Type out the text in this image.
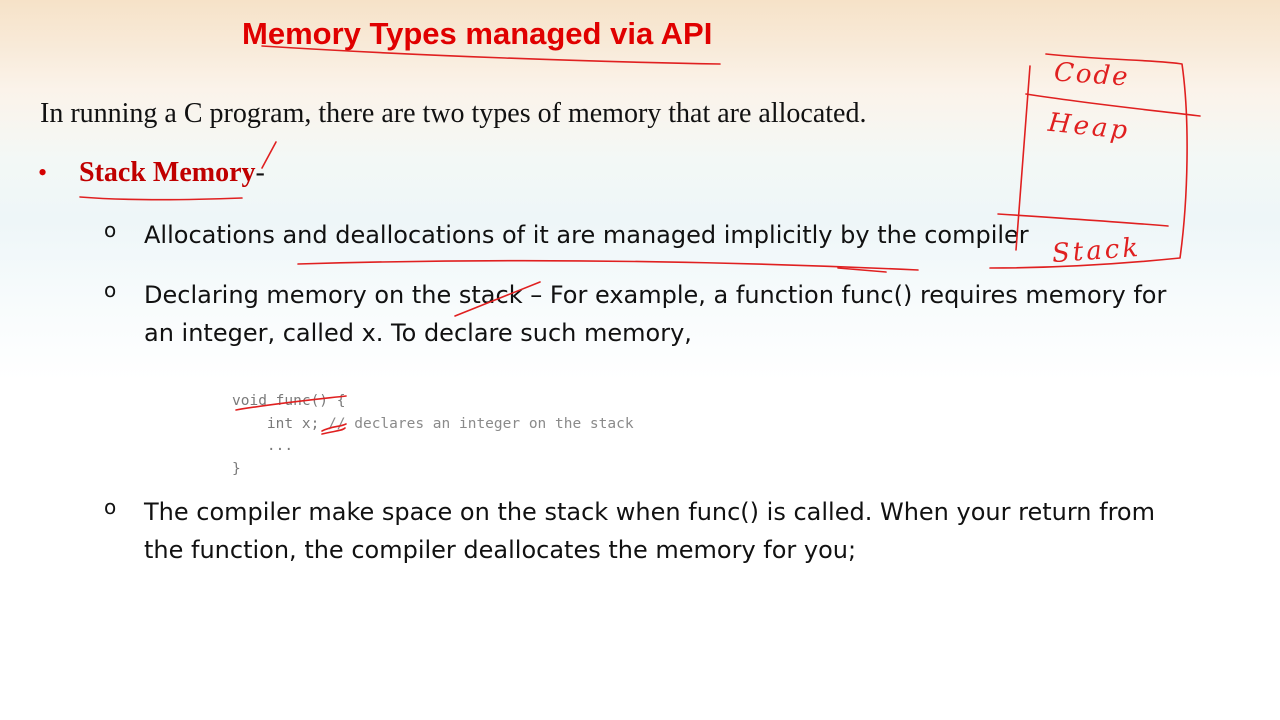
Memory Types managed via API
In running a C program, there are two types of memory that are allocated.
• Stack Memory-
o Allocations and deallocations of it are managed implicitly by the compiler
o Declaring memory on the stack – For example, a function func() requires memory for
an integer, called x. To declare such memory,
void func() {
int x; // declares an integer on the stack
...
}
o The compiler make space on the stack when func() is called. When your return from
the function, the compiler deallocates the memory for you;
Code
Heap
Stack
